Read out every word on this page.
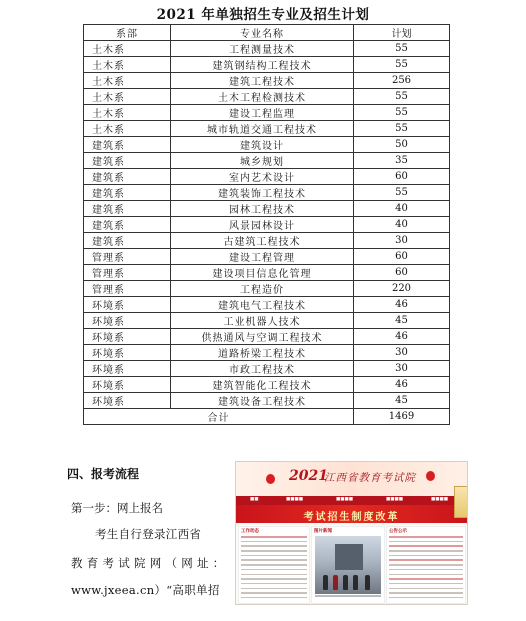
2021 年单独招生专业及招生计划
系部	专业名称	计划
土木系	工程测量技术	55
土木系	建筑钢结构工程技术	55
土木系	建筑工程技术	256
土木系	土木工程检测技术	55
土木系	建设工程监理	55
土木系	城市轨道交通工程技术	55
建筑系	建筑设计	50
建筑系	城乡规划	35
建筑系	室内艺术设计	60
建筑系	建筑装饰工程技术	55
建筑系	园林工程技术	40
建筑系	风景园林设计	40
建筑系	古建筑工程技术	30
管理系	建设工程管理	60
管理系	建设项目信息化管理	60
管理系	工程造价	220
环境系	建筑电气工程技术	46
环境系	工业机器人技术	45
环境系	供热通风与空调工程技术	46
环境系	道路桥梁工程技术	30
环境系	市政工程技术	30
环境系	建筑智能化工程技术	46
环境系	建筑设备工程技术	45
合计		1469
四、报考流程
第一步：网上报名
考生自行登录江西省
教 育 考 试 院 网 （ 网 址 ：
www.jxeea.cn）“高职单招
2021
江西省教育考试院
■■	■■■■	■■■■	■■■■	■■■■
考试招生制度改革
工作动态	图片新闻	公告公示
